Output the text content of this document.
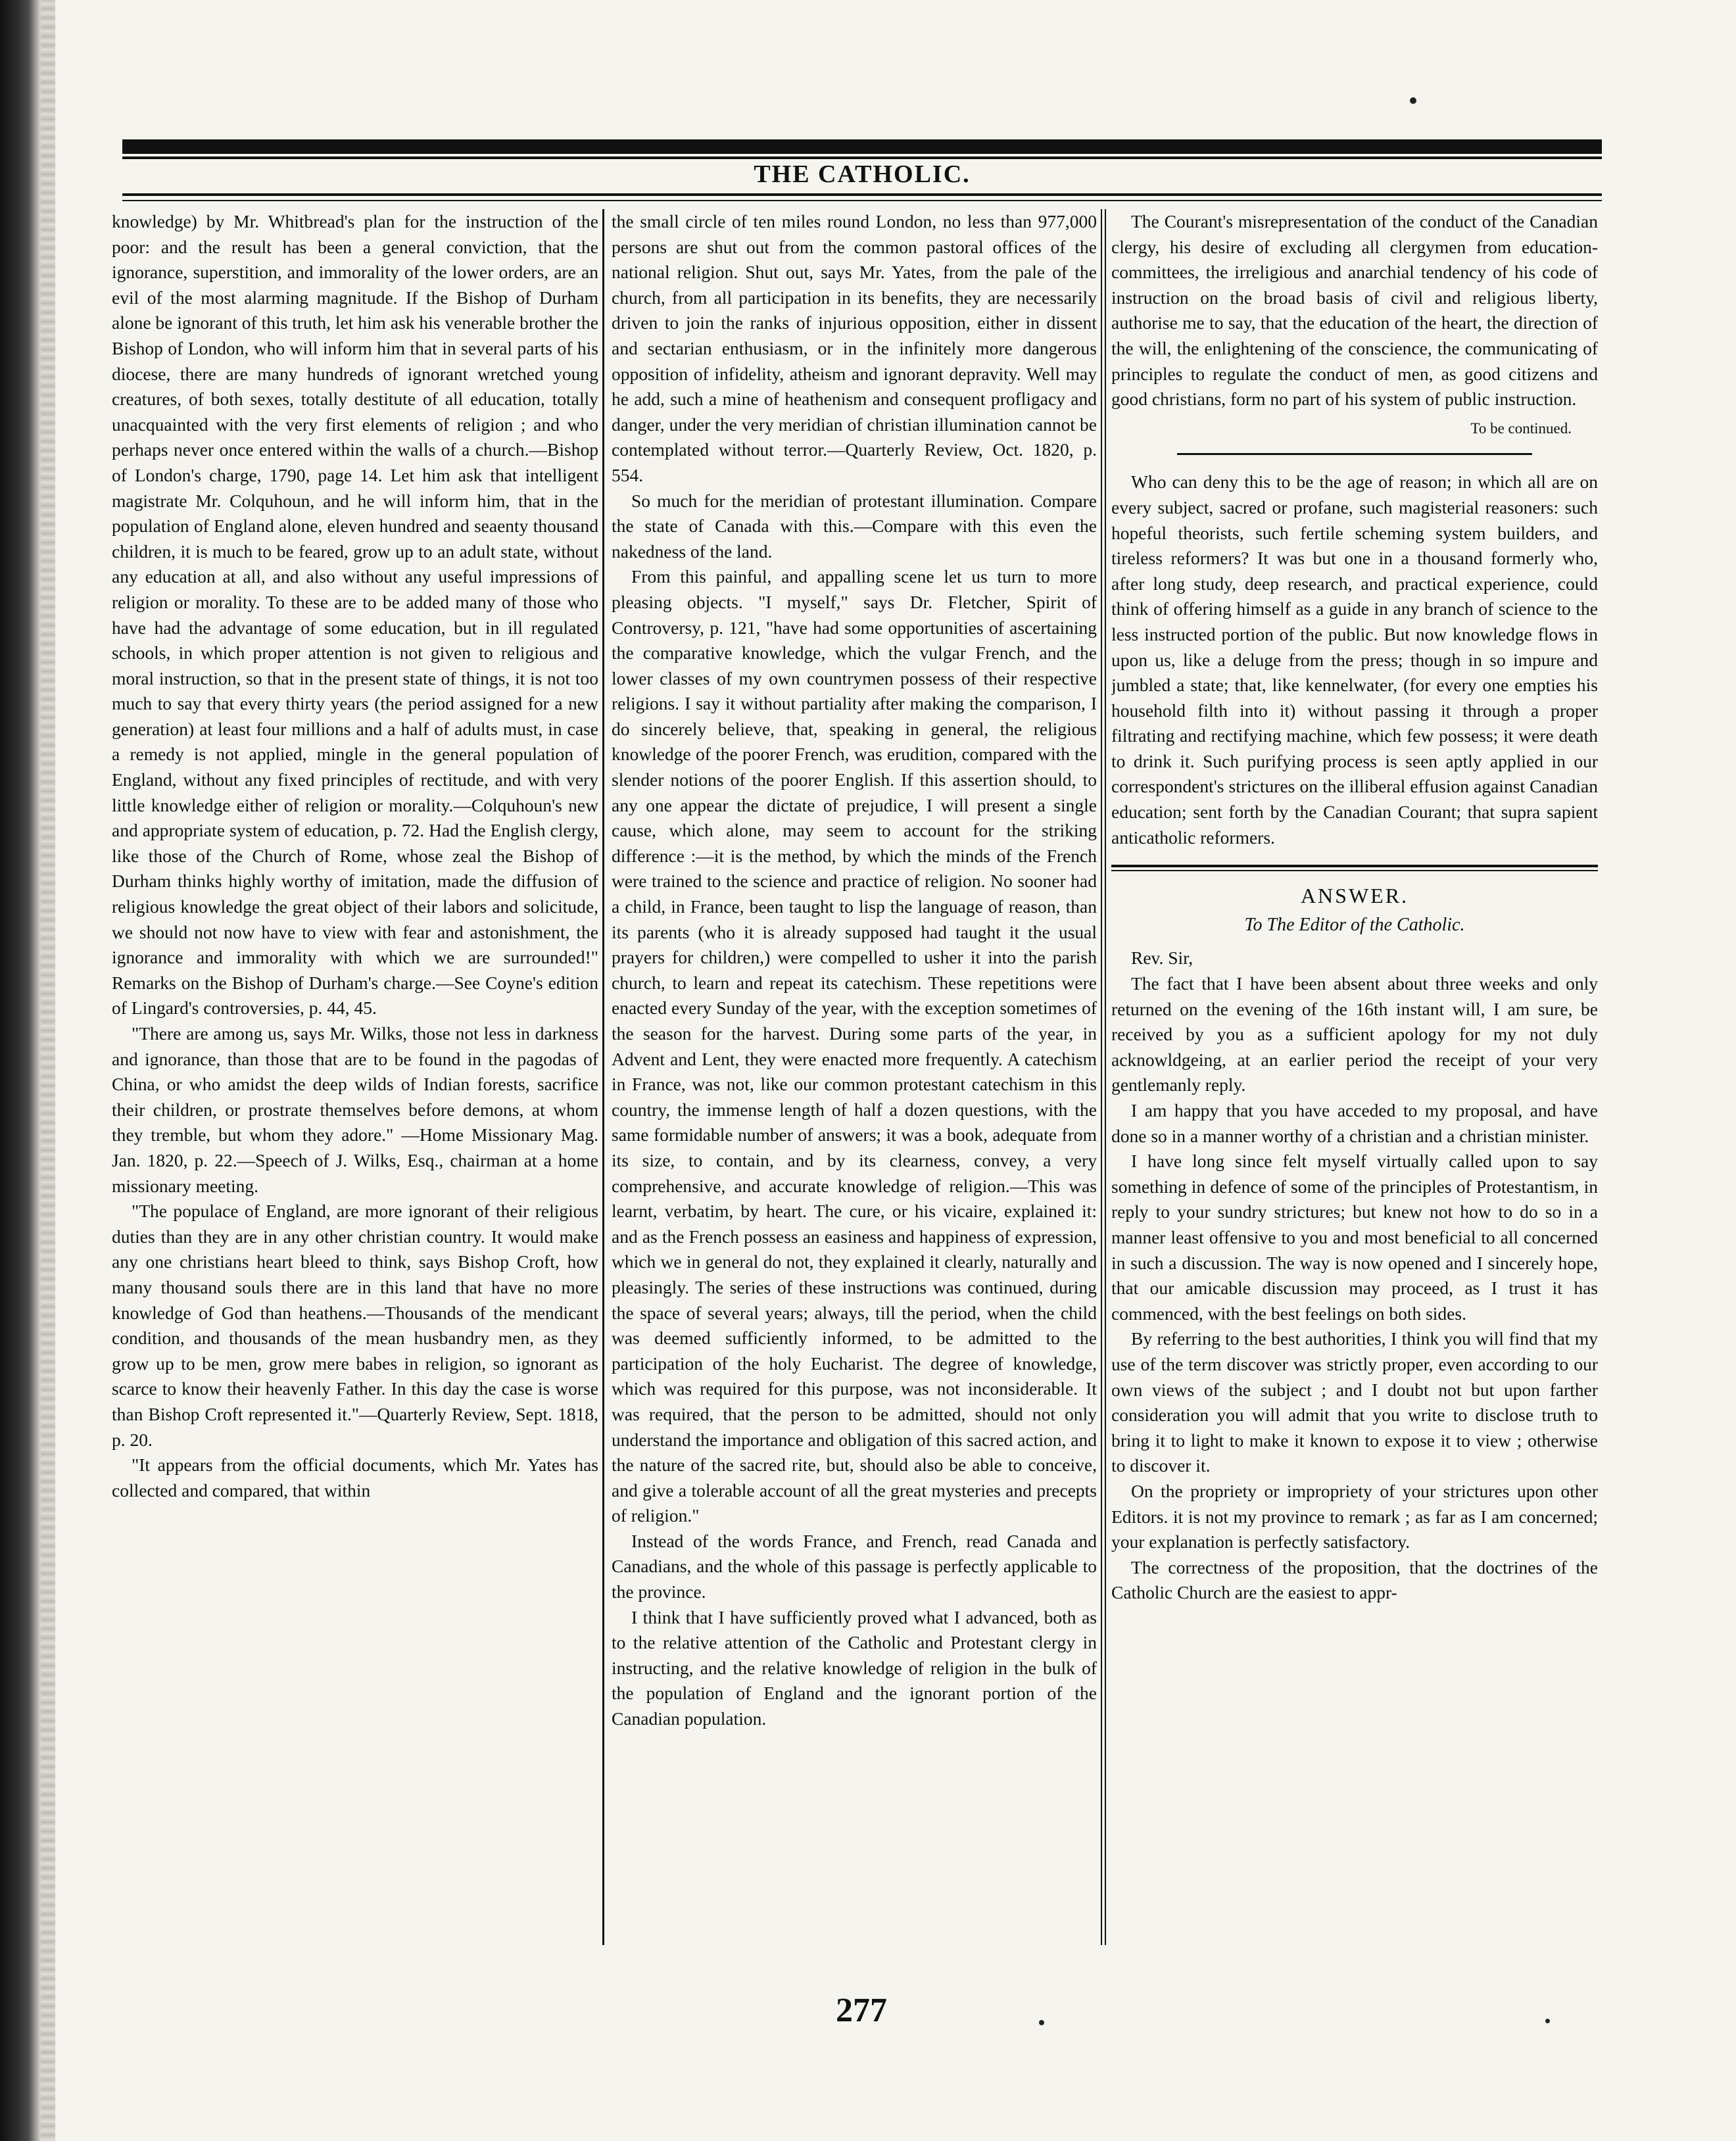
THE CATHOLIC.

knowledge) by Mr. Whitbread's plan for the instruction of the poor: and the result has been a general conviction, that the ignorance, superstition, and immorality of the lower orders, are an evil of the most alarming magnitude. If the Bishop of Durham alone be ignorant of this truth, let him ask his venerable brother the Bishop of London, who will inform him that in several parts of his diocese, there are many hundreds of ignorant wretched young creatures, of both sexes, totally destitute of all education, totally unacquainted with the very first elements of religion ; and who perhaps never once entered within the walls of a church.—Bishop of London's charge, 1790, page 14. Let him ask that intelligent magistrate Mr. Colquhoun, and he will inform him, that in the population of England alone, eleven hundred and seaenty thousand children, it is much to be feared, grow up to an adult state, without any education at all, and also without any useful impressions of religion or morality. To these are to be added many of those who have had the advantage of some education, but in ill regulated schools, in which proper attention is not given to religious and moral instruction, so that in the present state of things, it is not too much to say that every thirty years (the period assigned for a new generation) at least four millions and a half of adults must, in case a remedy is not applied, mingle in the general population of England, without any fixed principles of rectitude, and with very little knowledge either of religion or morality.—Colquhoun's new and appropriate system of education, p. 72. Had the English clergy, like those of the Church of Rome, whose zeal the Bishop of Durham thinks highly worthy of imitation, made the diffusion of religious knowledge the great object of their labors and solicitude, we should not now have to view with fear and astonishment, the ignorance and immorality with which we are surrounded!" Remarks on the Bishop of Durham's charge.—See Coyne's edition of Lingard's controversies, p. 44, 45.

"There are among us, says Mr. Wilks, those not less in darkness and ignorance, than those that are to be found in the pagodas of China, or who amidst the deep wilds of Indian forests, sacrifice their children, or prostrate themselves before demons, at whom they tremble, but whom they adore." —Home Missionary Mag. Jan. 1820, p. 22.—Speech of J. Wilks, Esq., chairman at a home missionary meeting.

"The populace of England, are more ignorant of their religious duties than they are in any other christian country. It would make any one christians heart bleed to think, says Bishop Croft, how many thousand souls there are in this land that have no more knowledge of God than heathens.—Thousands of the mendicant condition, and thousands of the mean husbandry men, as they grow up to be men, grow mere babes in religion, so ignorant as scarce to know their heavenly Father. In this day the case is worse than Bishop Croft represented it."—Quarterly Review, Sept. 1818, p. 20.

"It appears from the official documents, which Mr. Yates has collected and compared, that within

the small circle of ten miles round London, no less than 977,000 persons are shut out from the common pastoral offices of the national religion. Shut out, says Mr. Yates, from the pale of the church, from all participation in its benefits, they are necessarily driven to join the ranks of injurious opposition, either in dissent and sectarian enthusiasm, or in the infinitely more dangerous opposition of infidelity, atheism and ignorant depravity. Well may he add, such a mine of heathenism and consequent profligacy and danger, under the very meridian of christian illumination cannot be contemplated without terror.—Quarterly Review, Oct. 1820, p. 554.

So much for the meridian of protestant illumination. Compare the state of Canada with this.—Compare with this even the nakedness of the land.

From this painful, and appalling scene let us turn to more pleasing objects. "I myself," says Dr. Fletcher, Spirit of Controversy, p. 121, "have had some opportunities of ascertaining the comparative knowledge, which the vulgar French, and the lower classes of my own countrymen possess of their respective religions. I say it without partiality after making the comparison, I do sincerely believe, that, speaking in general, the religious knowledge of the poorer French, was erudition, compared with the slender notions of the poorer English. If this assertion should, to any one appear the dictate of prejudice, I will present a single cause, which alone, may seem to account for the striking difference :—it is the method, by which the minds of the French were trained to the science and practice of religion. No sooner had a child, in France, been taught to lisp the language of reason, than its parents (who it is already supposed had taught it the usual prayers for children,) were compelled to usher it into the parish church, to learn and repeat its catechism. These repetitions were enacted every Sunday of the year, with the exception sometimes of the season for the harvest. During some parts of the year, in Advent and Lent, they were enacted more frequently. A catechism in France, was not, like our common protestant catechism in this country, the immense length of half a dozen questions, with the same formidable number of answers; it was a book, adequate from its size, to contain, and by its clearness, convey, a very comprehensive, and accurate knowledge of religion.—This was learnt, verbatim, by heart. The cure, or his vicaire, explained it: and as the French possess an easiness and happiness of expression, which we in general do not, they explained it clearly, naturally and pleasingly. The series of these instructions was continued, during the space of several years; always, till the period, when the child was deemed sufficiently informed, to be admitted to the participation of the holy Eucharist. The degree of knowledge, which was required for this purpose, was not inconsiderable. It was required, that the person to be admitted, should not only understand the importance and obligation of this sacred action, and the nature of the sacred rite, but, should also be able to conceive, and give a tolerable account of all the great mysteries and precepts of religion."

Instead of the words France, and French, read Canada and Canadians, and the whole of this passage is perfectly applicable to the province.

I think that I have sufficiently proved what I advanced, both as to the relative attention of the Catholic and Protestant clergy in instructing, and the relative knowledge of religion in the bulk of the population of England and the ignorant portion of the Canadian population.

The Courant's misrepresentation of the conduct of the Canadian clergy, his desire of excluding all clergymen from education-committees, the irreligious and anarchial tendency of his code of instruction on the broad basis of civil and religious liberty, authorise me to say, that the education of the heart, the direction of the will, the enlightening of the conscience, the communicating of principles to regulate the conduct of men, as good citizens and good christians, form no part of his system of public instruction.

To be continued.

Who can deny this to be the age of reason; in which all are on every subject, sacred or profane, such magisterial reasoners: such hopeful theorists, such fertile scheming system builders, and tireless reformers? It was but one in a thousand formerly who, after long study, deep research, and practical experience, could think of offering himself as a guide in any branch of science to the less instructed portion of the public. But now knowledge flows in upon us, like a deluge from the press; though in so impure and jumbled a state; that, like kennelwater, (for every one empties his household filth into it) without passing it through a proper filtrating and rectifying machine, which few possess; it were death to drink it. Such purifying process is seen aptly applied in our correspondent's strictures on the illiberal effusion against Canadian education; sent forth by the Canadian Courant; that supra sapient anticatholic reformers.

ANSWER.
To The Editor of the Catholic.

Rev. Sir,

The fact that I have been absent about three weeks and only returned on the evening of the 16th instant will, I am sure, be received by you as a sufficient apology for my not duly acknowldgeing, at an earlier period the receipt of your very gentlemanly reply.

I am happy that you have acceded to my proposal, and have done so in a manner worthy of a christian and a christian minister.

I have long since felt myself virtually called upon to say something in defence of some of the principles of Protestantism, in reply to your sundry strictures; but knew not how to do so in a manner least offensive to you and most beneficial to all concerned in such a discussion. The way is now opened and I sincerely hope, that our amicable discussion may proceed, as I trust it has commenced, with the best feelings on both sides.

By referring to the best authorities, I think you will find that my use of the term discover was strictly proper, even according to our own views of the subject ; and I doubt not but upon farther consideration you will admit that you write to disclose truth to bring it to light to make it known to expose it to view ; otherwise to discover it.

On the propriety or impropriety of your strictures upon other Editors. it is not my province to remark ; as far as I am concerned; your explanation is perfectly satisfactory.

The correctness of the proposition, that the doctrines of the Catholic Church are the easiest to appr-

277
